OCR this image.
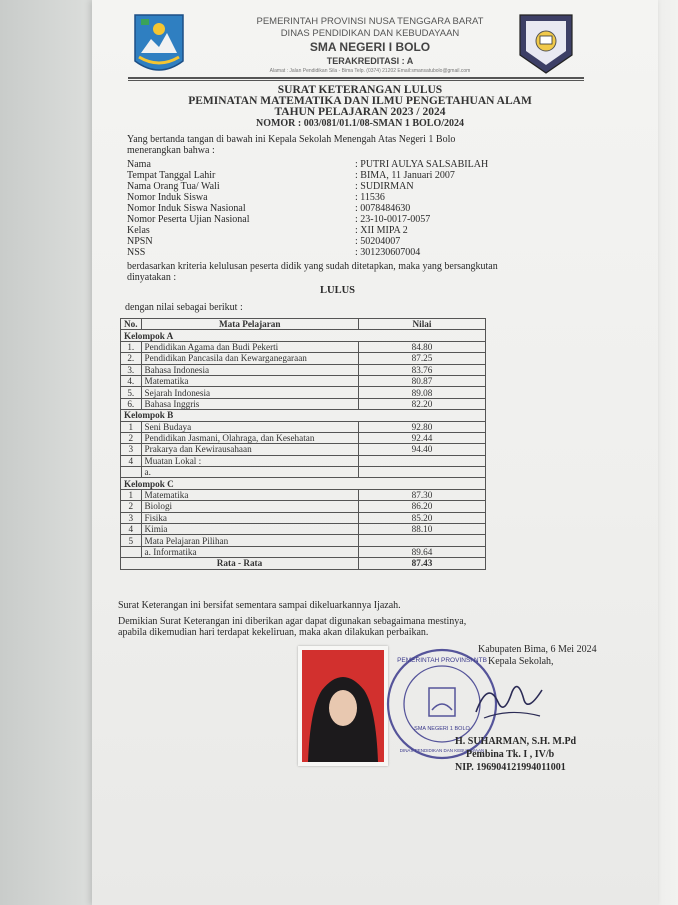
PEMERINTAH PROVINSI NUSA TENGGARA BARAT
DINAS PENDIDIKAN DAN KEBUDAYAAN
SMA NEGERI I BOLO
TERAKREDITASI : A
Alamat : Jalan Pendidikan Sila - Bima Telp. (0374) 21202 Email:smansatubolo@gmail.com
SURAT KETERANGAN LULUS
PEMINATAN MATEMATIKA DAN ILMU PENGETAHUAN ALAM
TAHUN PELAJARAN 2023 / 2024
NOMOR : 003/081/01.1/08-SMAN 1 BOLO/2024
Yang bertanda tangan di bawah ini Kepala Sekolah Menengah Atas Negeri 1 Bolo
menerangkan bahwa :
Nama	: PUTRI AULYA SALSABILAH
Tempat Tanggal Lahir	: BIMA, 11 Januari 2007
Nama Orang Tua/ Wali	: SUDIRMAN
Nomor Induk Siswa	: 11536
Nomor Induk Siswa Nasional	: 0078484630
Nomor Peserta Ujian Nasional	: 23-10-0017-0057
Kelas	: XII MIPA 2
NPSN	: 50204007
NSS	: 301230607004
berdasarkan kriteria kelulusan peserta didik yang sudah ditetapkan, maka yang bersangkutan
dinyatakan :
LULUS
dengan nilai sebagai berikut :
No.	Mata Pelajaran	Nilai
Kelompok A		
1.	Pendidikan Agama dan Budi Pekerti	84.80
2.	Pendidikan Pancasila dan Kewarganegaraan	87.25
3.	Bahasa Indonesia	83.76
4.	Matematika	80.87
5.	Sejarah Indonesia	89.08
6.	Bahasa Inggris	82.20
Kelompok B		
1	Seni Budaya	92.80
2	Pendidikan Jasmani, Olahraga, dan Kesehatan	92.44
3	Prakarya dan Kewirausahaan	94.40
4	Muatan Lokal :	
	a.	
Kelompok C		
1	Matematika	87.30
2	Biologi	86.20
3	Fisika	85.20
4	Kimia	88.10
5	Mata Pelajaran Pilihan	
	a. Informatika	89.64
Rata - Rata		87.43
Surat Keterangan ini bersifat sementara sampai dikeluarkannya Ijazah.
Demikian Surat Keterangan ini diberikan agar dapat digunakan sebagaimana mestinya,
apabila dikemudian hari terdapat kekeliruan, maka akan dilakukan perbaikan.
PEMERINTAH PROVINSI NTB
SMA NEGERI 1 BOLO
DINAS PENDIDIKAN DAN KEBUDAYAAN
Kabupaten Bima, 6 Mei 2024
Kepala Sekolah,
H. SUHARMAN, S.H. M.Pd
Pembina Tk. I , IV/b
NIP. 196904121994011001
